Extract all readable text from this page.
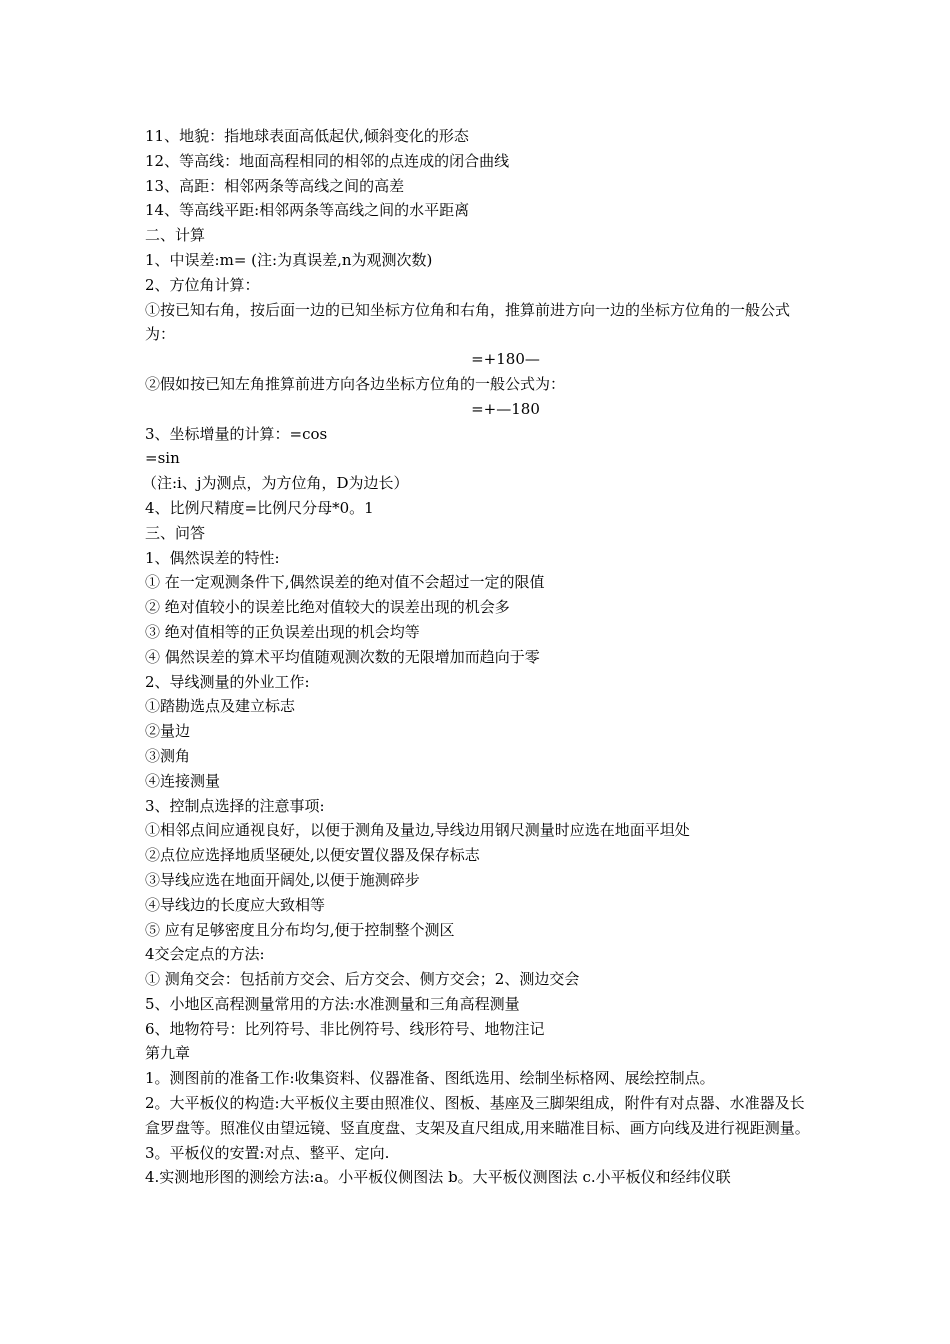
11、地貌：指地球表面高低起伏,倾斜变化的形态
12、等高线：地面高程相同的相邻的点连成的闭合曲线
13、高距：相邻两条等高线之间的高差
14、等高线平距:相邻两条等高线之间的水平距离
二、计算
1、中误差:m= (注:为真误差,n为观测次数)
2、方位角计算：
①按已知右角，按后面一边的已知坐标方位角和右角，推算前进方向一边的坐标方位角的一般公式为：
=+180—
②假如按已知左角推算前进方向各边坐标方位角的一般公式为：
=+—180
3、坐标增量的计算：=cos
=sin
（注:i、j为测点，为方位角，D为边长）
4、比例尺精度=比例尺分母*0。1
三、问答
1、偶然误差的特性:
① 在一定观测条件下,偶然误差的绝对值不会超过一定的限值
② 绝对值较小的误差比绝对值较大的误差出现的机会多
③ 绝对值相等的正负误差出现的机会均等
④ 偶然误差的算术平均值随观测次数的无限增加而趋向于零
2、导线测量的外业工作:
①踏勘选点及建立标志
②量边
③测角
④连接测量
3、控制点选择的注意事项:
①相邻点间应通视良好，以便于测角及量边,导线边用钢尺测量时应选在地面平坦处
②点位应选择地质坚硬处,以便安置仪器及保存标志
③导线应选在地面开阔处,以便于施测碎步
④导线边的长度应大致相等
⑤ 应有足够密度且分布均匀,便于控制整个测区
4交会定点的方法:
① 测角交会：包括前方交会、后方交会、侧方交会；2、测边交会
5、小地区高程测量常用的方法:水准测量和三角高程测量
6、地物符号：比列符号、非比例符号、线形符号、地物注记
第九章
1。测图前的准备工作:收集资料、仪器准备、图纸选用、绘制坐标格网、展绘控制点。
2。大平板仪的构造:大平板仪主要由照准仪、图板、基座及三脚架组成，附件有对点器、水准器及长盒罗盘等。照准仪由望远镜、竖直度盘、支架及直尺组成,用来瞄准目标、画方向线及进行视距测量。
3。平板仪的安置:对点、整平、定向.
4.实测地形图的测绘方法:a。小平板仪侧图法 b。大平板仪测图法 c.小平板仪和经纬仪联
